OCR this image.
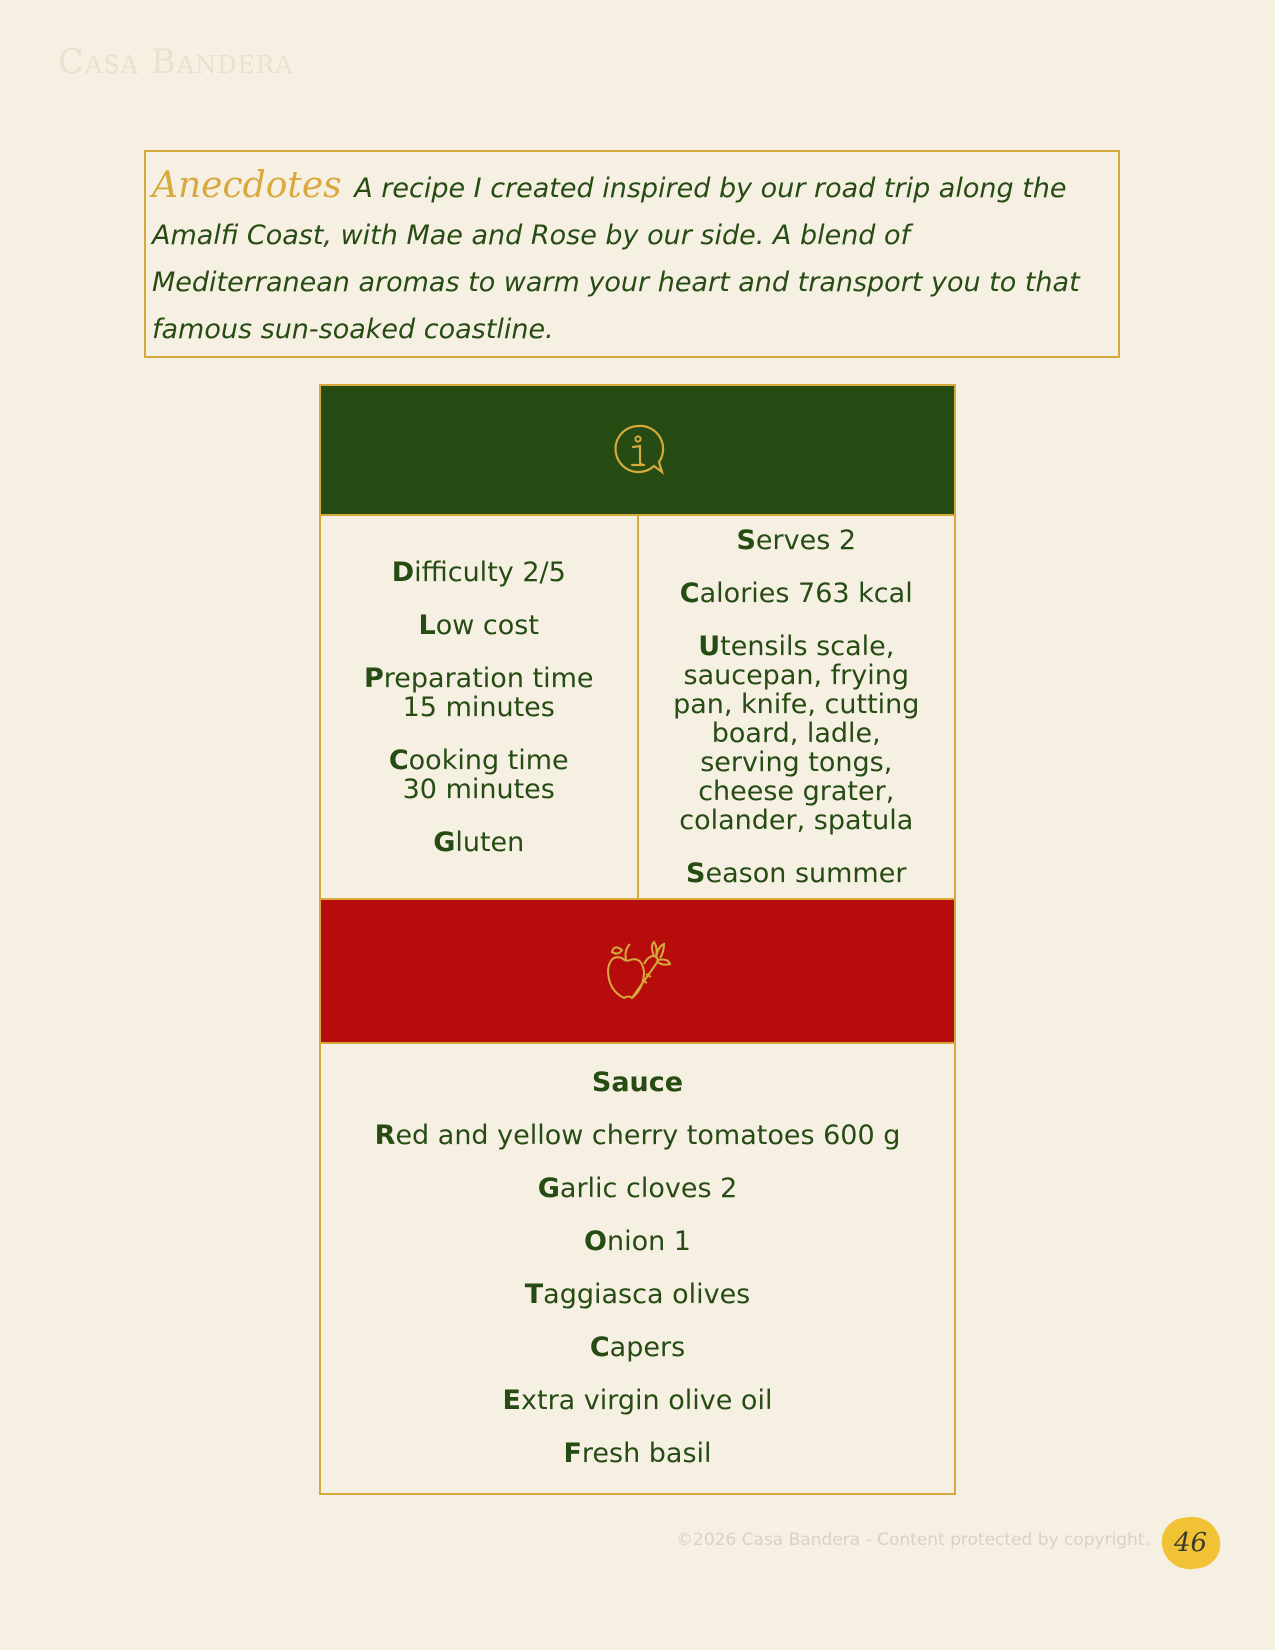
Casa Bandera
Anecdotes A recipe I created inspired by our road trip along the Amalfi Coast, with Mae and Rose by our side. A blend of Mediterranean aromas to warm your heart and transport you to that famous sun-soaked coastline.
Difficulty 2/5
Low cost
Preparation time 15 minutes
Cooking time 30 minutes
Gluten
Serves 2
Calories 763 kcal
Utensils scale, saucepan, frying pan, knife, cutting board, ladle, serving tongs, cheese grater, colander, spatula
Season summer
Sauce
Red and yellow cherry tomatoes 600 g
Garlic cloves 2
Onion 1
Taggiasca olives
Capers
Extra virgin olive oil
Fresh basil
©2026 Casa Bandera - Content protected by copyright. 46
